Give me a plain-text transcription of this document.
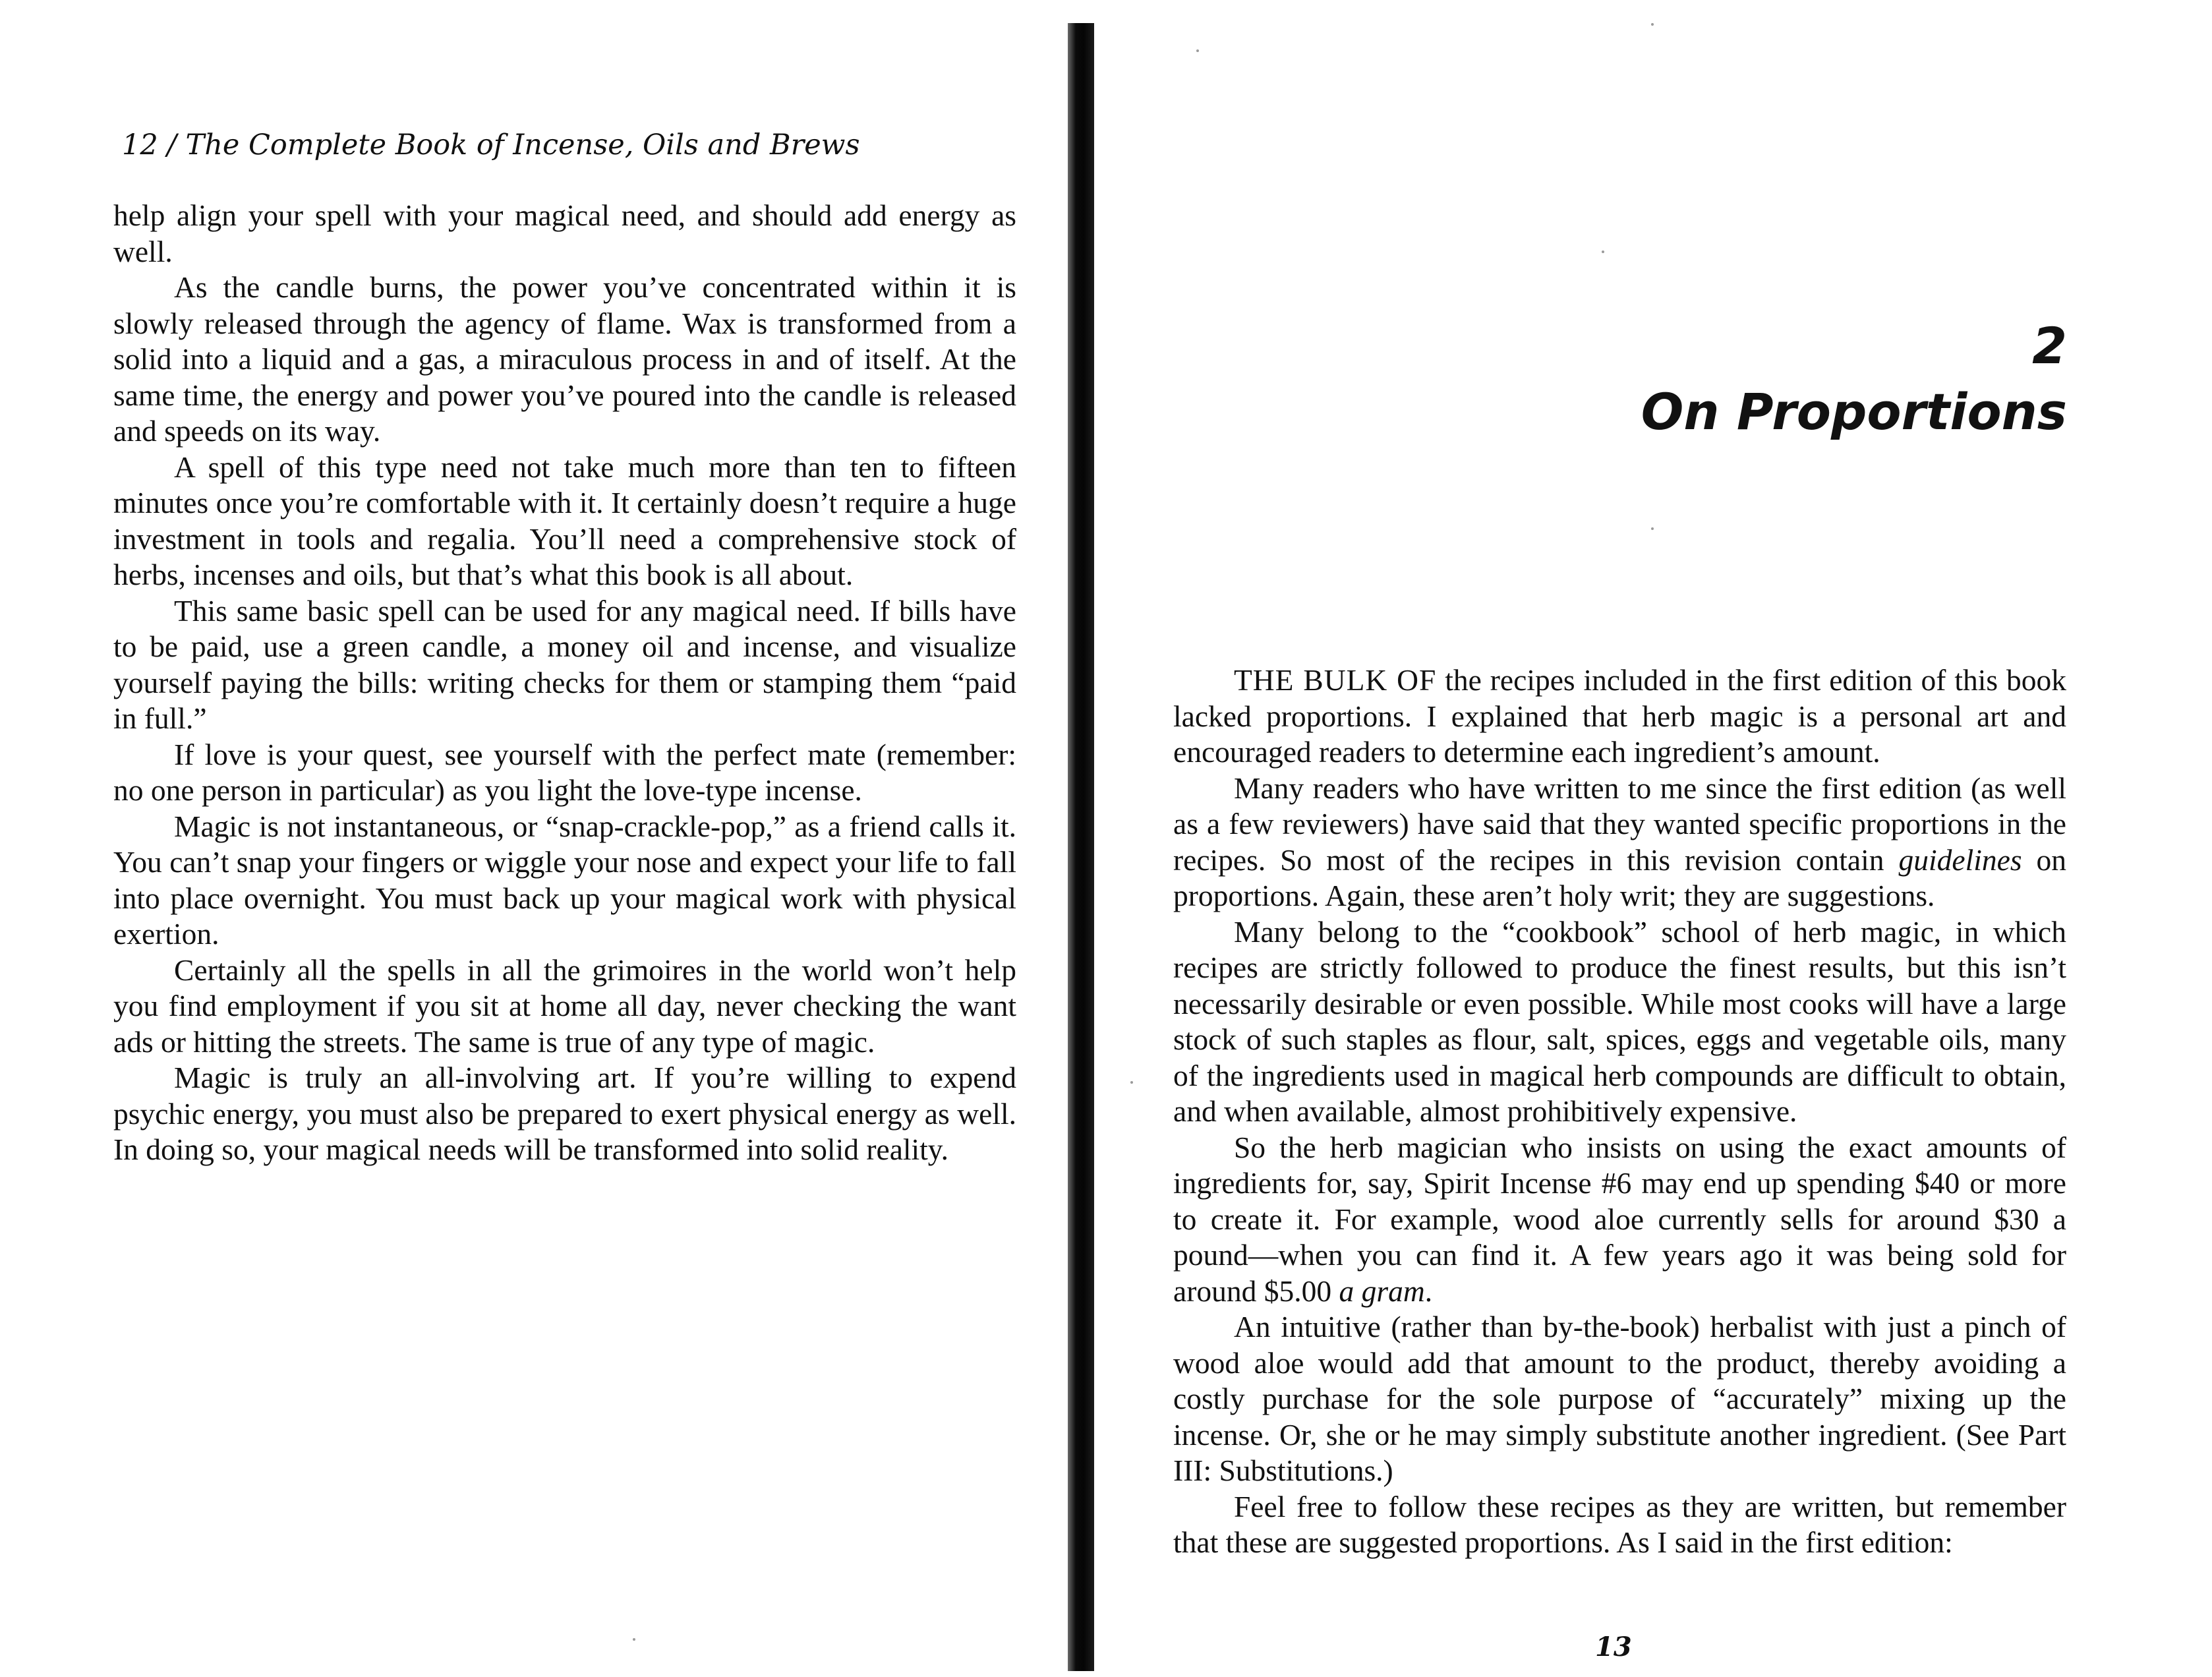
12 / The Complete Book of Incense, Oils and Brews

help align your spell with your magical need, and should add energy as well.

As the candle burns, the power you’ve concentrated within it is slowly released through the agency of flame. Wax is transformed from a solid into a liquid and a gas, a miraculous process in and of itself. At the same time, the energy and power you’ve poured into the candle is released and speeds on its way.

A spell of this type need not take much more than ten to fifteen minutes once you’re comfortable with it. It certainly doesn’t require a huge investment in tools and regalia. You’ll need a comprehensive stock of herbs, incenses and oils, but that’s what this book is all about.

This same basic spell can be used for any magical need. If bills have to be paid, use a green candle, a money oil and incense, and visualize yourself paying the bills: writing checks for them or stamping them “paid in full.”

If love is your quest, see yourself with the perfect mate (remember: no one person in particular) as you light the love-type incense.

Magic is not instantaneous, or “snap-crackle-pop,” as a friend calls it. You can’t snap your fingers or wiggle your nose and expect your life to fall into place overnight. You must back up your magical work with physical exertion.

Certainly all the spells in all the grimoires in the world won’t help you find employment if you sit at home all day, never checking the want ads or hitting the streets. The same is true of any type of magic.

Magic is truly an all-involving art. If you’re willing to expend psychic energy, you must also be prepared to exert physical energy as well. In doing so, your magical needs will be transformed into solid reality.

2
On Proportions

THE BULK OF the recipes included in the first edition of this book lacked proportions. I explained that herb magic is a personal art and encouraged readers to determine each ingredient’s amount.

Many readers who have written to me since the first edition (as well as a few reviewers) have said that they wanted specific proportions in the recipes. So most of the recipes in this revision contain guidelines on proportions. Again, these aren’t holy writ; they are suggestions.

Many belong to the “cookbook” school of herb magic, in which recipes are strictly followed to produce the finest results, but this isn’t necessarily desirable or even possible. While most cooks will have a large stock of such staples as flour, salt, spices, eggs and vegetable oils, many of the ingredients used in magical herb compounds are difficult to obtain, and when available, almost prohibitively expensive.

So the herb magician who insists on using the exact amounts of ingredients for, say, Spirit Incense #6 may end up spending $40 or more to create it. For example, wood aloe currently sells for around $30 a pound—when you can find it. A few years ago it was being sold for around $5.00 a gram.

An intuitive (rather than by-the-book) herbalist with just a pinch of wood aloe would add that amount to the product, thereby avoiding a costly purchase for the sole purpose of “accurately” mixing up the incense. Or, she or he may simply substitute another ingredient. (See Part III: Substitutions.)

Feel free to follow these recipes as they are written, but remember that these are suggested proportions. As I said in the first edition:

13
